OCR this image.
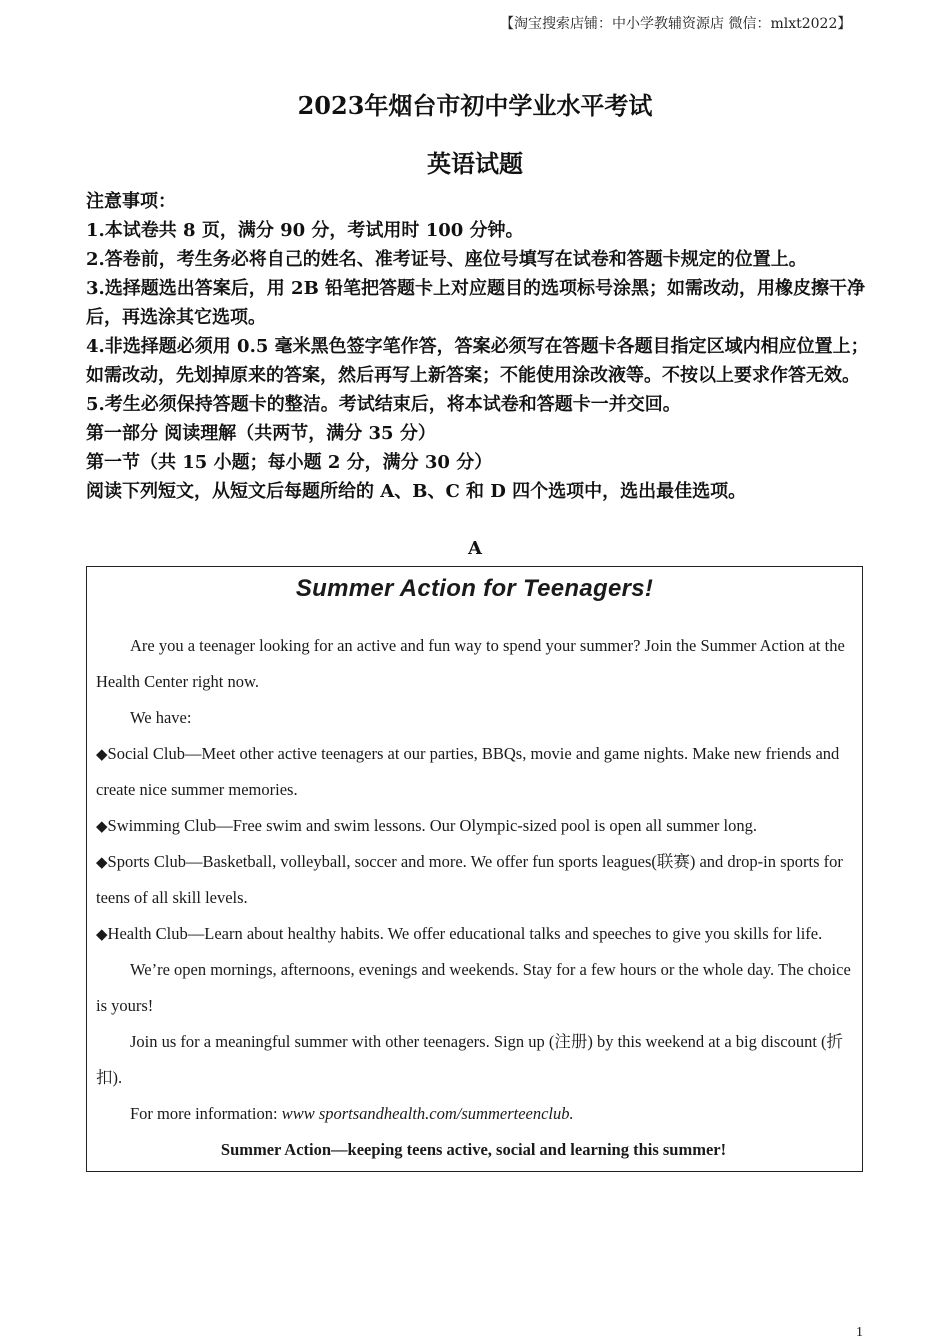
【淘宝搜索店铺：中小学教辅资源店 微信：mlxt2022】
2023年烟台市初中学业水平考试
英语试题
注意事项：
1.本试卷共 8 页，满分 90 分，考试用时 100 分钟。
2.答卷前，考生务必将自己的姓名、准考证号、座位号填写在试卷和答题卡规定的位置上。
3.选择题选出答案后，用 2B 铅笔把答题卡上对应题目的选项标号涂黑；如需改动，用橡皮擦干净后，再选涂其它选项。
4.非选择题必须用 0.5 毫米黑色签字笔作答，答案必须写在答题卡各题目指定区域内相应位置上；如需改动，先划掉原来的答案，然后再写上新答案；不能使用涂改液等。不按以上要求作答无效。
5.考生必须保持答题卡的整洁。考试结束后，将本试卷和答题卡一并交回。
第一部分 阅读理解（共两节，满分 35 分）
第一节（共 15 小题；每小题 2 分，满分 30 分）
阅读下列短文，从短文后每题所给的 A、B、C 和 D 四个选项中，选出最佳选项。
A
Summer Action for Teenagers!

Are you a teenager looking for an active and fun way to spend your summer? Join the Summer Action at the Health Center right now.

We have:

◆Social Club—Meet other active teenagers at our parties, BBQs, movie and game nights. Make new friends and create nice summer memories.

◆Swimming Club—Free swim and swim lessons. Our Olympic-sized pool is open all summer long.

◆Sports Club—Basketball, volleyball, soccer and more. We offer fun sports leagues(联赛) and drop-in sports for teens of all skill levels.

◆Health Club—Learn about healthy habits. We offer educational talks and speeches to give you skills for life.

We’re open mornings, afternoons, evenings and weekends. Stay for a few hours or the whole day. The choice is yours!

Join us for a meaningful summer with other teenagers. Sign up (注册) by this weekend at a big discount (折扣).

For more information: www sportsandhealth.com/summerteenclub.

Summer Action—keeping teens active, social and learning this summer!

1
